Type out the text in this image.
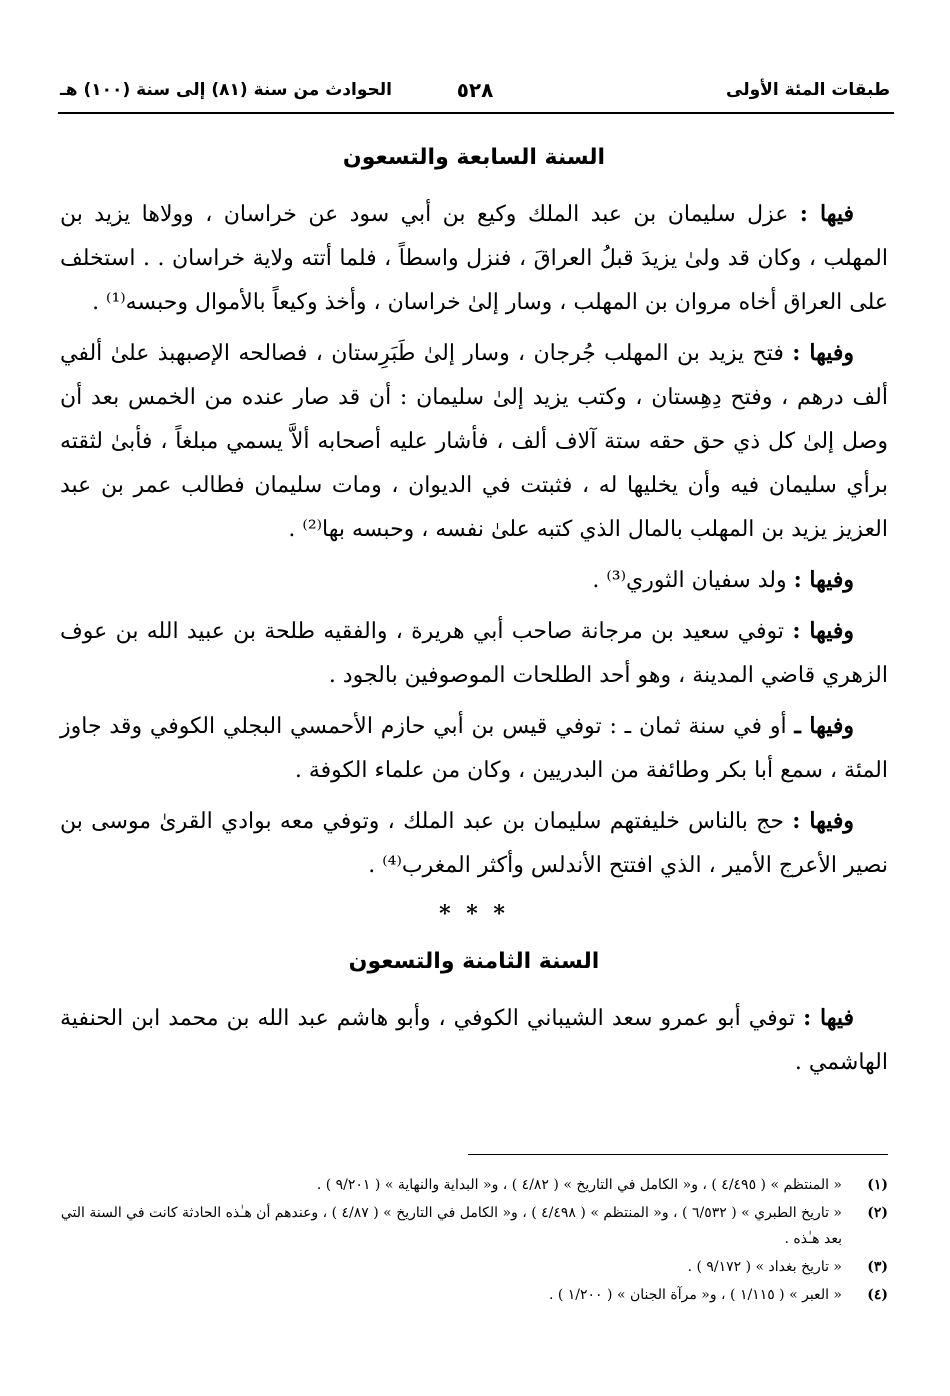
طبقات المئة الأولى
٥٢٨
الحوادث من سنة (٨١) إلى سنة (١٠٠) هـ
السنة السابعة والتسعون

فيها : عزل سليمان بن عبد الملك وكيع بن أبي سود عن خراسان ، وولاها يزيد بن المهلب ، وكان قد ولىٰ يزيدَ قبلُ العراقَ ، فنزل واسطاً ، فلما أتته ولاية خراسان . . استخلف على العراق أخاه مروان بن المهلب ، وسار إلىٰ خراسان ، وأخذ وكيعاً بالأموال وحبسه⁽¹⁾ .

وفيها : فتح يزيد بن المهلب جُرجان ، وسار إلىٰ طَبَرِستان ، فصالحه الإصبهبذ علىٰ ألفي ألف درهم ، وفتح دِهِستان ، وكتب يزيد إلىٰ سليمان : أن قد صار عنده من الخمس بعد أن وصل إلىٰ كل ذي حق حقه ستة آلاف ألف ، فأشار عليه أصحابه ألاَّ يسمي مبلغاً ، فأبىٰ لثقته برأي سليمان فيه وأن يخليها له ، فثبتت في الديوان ، ومات سليمان فطالب عمر بن عبد العزيز يزيد بن المهلب بالمال الذي كتبه علىٰ نفسه ، وحبسه بها⁽²⁾ .

وفيها : ولد سفيان الثوري⁽³⁾ .

وفيها : توفي سعيد بن مرجانة صاحب أبي هريرة ، والفقيه طلحة بن عبيد الله بن عوف الزهري قاضي المدينة ، وهو أحد الطلحات الموصوفين بالجود .

وفيها ـ أو في سنة ثمان ـ : توفي قيس بن أبي حازم الأحمسي البجلي الكوفي وقد جاوز المئة ، سمع أبا بكر وطائفة من البدريين ، وكان من علماء الكوفة .

وفيها : حج بالناس خليفتهم سليمان بن عبد الملك ، وتوفي معه بوادي القرىٰ موسى بن نصير الأعرج الأمير ، الذي افتتح الأندلس وأكثر المغرب⁽⁴⁾ .

* * *
السنة الثامنة والتسعون

فيها : توفي أبو عمرو سعد الشيباني الكوفي ، وأبو هاشم عبد الله بن محمد ابن الحنفية الهاشمي .

(١)
« المنتظم » ( ٤/٤٩٥ ) ، و« الكامل في التاريخ » ( ٤/٨٢ ) ، و« البداية والنهاية » ( ٩/٢٠١ ) .
(٢)
« تاريخ الطبري » ( ٦/٥٣٢ ) ، و« المنتظم » ( ٤/٤٩٨ ) ، و« الكامل في التاريخ » ( ٤/٨٧ ) ، وعندهم أن هـٰذه الحادثة كانت في السنة التي بعد هـٰذه .
(٣)
« تاريخ بغداد » ( ٩/١٧٢ ) .
(٤)
« العبر » ( ١/١١٥ ) ، و« مرآة الجنان » ( ١/٢٠٠ ) .
